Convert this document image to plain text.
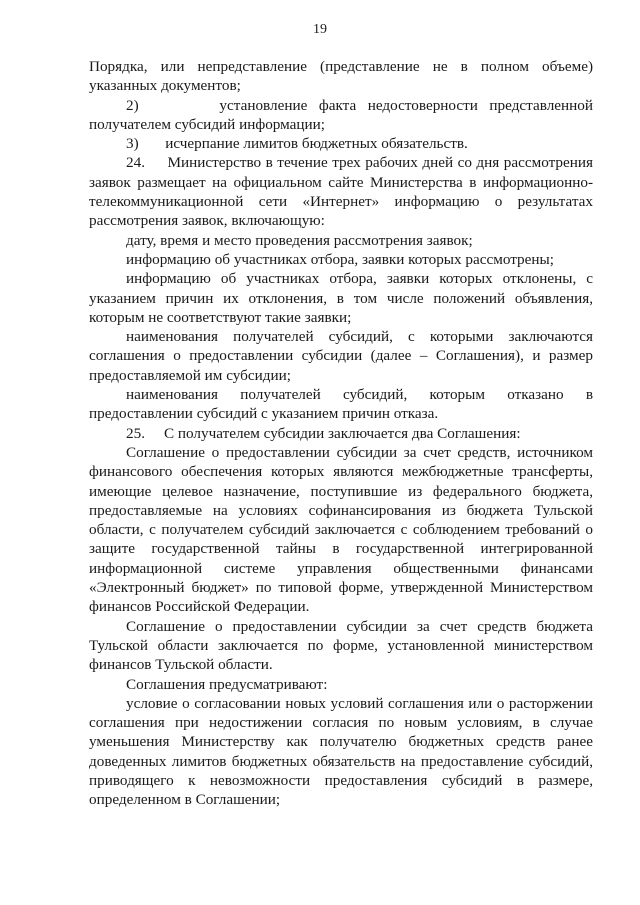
19

Порядка, или непредставление (представление не в полном объеме) указанных документов;

2)       установление факта недостоверности представленной получателем субсидий информации;

3)       исчерпание лимитов бюджетных обязательств.

24.     Министерство в течение трех рабочих дней со дня рассмотрения заявок размещает на официальном сайте Министерства в информационно-телекоммуникационной сети «Интернет» информацию о результатах рассмотрения заявок, включающую:

дату, время и место проведения рассмотрения заявок;

информацию об участниках отбора, заявки которых рассмотрены;

информацию об участниках отбора, заявки которых отклонены, с указанием причин их отклонения, в том числе положений объявления, которым не соответствуют такие заявки;

наименования получателей субсидий, с которыми заключаются соглашения о предоставлении субсидии (далее – Соглашения), и размер предоставляемой им субсидии;

наименования получателей субсидий, которым отказано в предоставлении субсидий с указанием причин отказа.

25.     С получателем субсидии заключается два Соглашения:

Соглашение о предоставлении субсидии за счет средств, источником финансового обеспечения которых являются межбюджетные трансферты, имеющие целевое назначение, поступившие из федерального бюджета, предоставляемые на условиях софинансирования из бюджета Тульской области, с получателем субсидий заключается с соблюдением требований о защите государственной тайны в государственной интегрированной информационной системе управления общественными финансами «Электронный бюджет» по типовой форме, утвержденной Министерством финансов Российской Федерации.

Соглашение о предоставлении субсидии за счет средств бюджета Тульской области заключается по форме, установленной министерством финансов Тульской области.

Соглашения предусматривают:

условие о согласовании новых условий соглашения или о расторжении соглашения при недостижении согласия по новым условиям, в случае уменьшения Министерству как получателю бюджетных средств ранее доведенных лимитов бюджетных обязательств на предоставление субсидий, приводящего к невозможности предоставления субсидий в размере, определенном в Соглашении;
